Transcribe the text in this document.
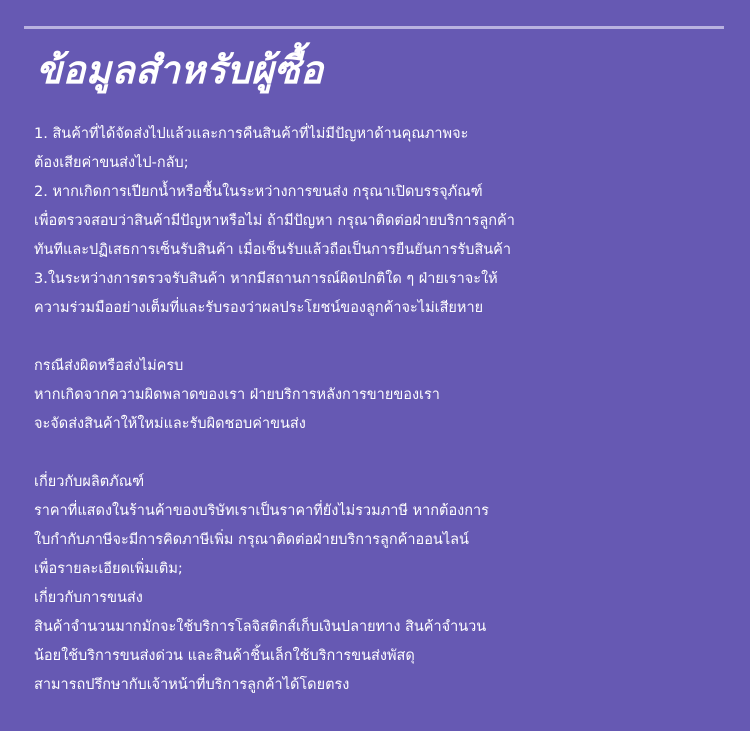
ข้อมูลสำหรับผู้ซื้อ
1. สินค้าที่ได้จัดส่งไปแล้วและการคืนสินค้าที่ไม่มีปัญหาด้านคุณภาพจะ
ต้องเสียค่าขนส่งไป-กลับ;
2. หากเกิดการเปียกน้ำหรือชื้นในระหว่างการขนส่ง กรุณาเปิดบรรจุภัณฑ์
เพื่อตรวจสอบว่าสินค้ามีปัญหาหรือไม่ ถ้ามีปัญหา กรุณาติดต่อฝ่ายบริการลูกค้า
ทันทีและปฏิเสธการเซ็นรับสินค้า เมื่อเซ็นรับแล้วถือเป็นการยืนยันการรับสินค้า
3.ในระหว่างการตรวจรับสินค้า หากมีสถานการณ์ผิดปกติใด ๆ ฝ่ายเราจะให้
ความร่วมมืออย่างเต็มที่และรับรองว่าผลประโยชน์ของลูกค้าจะไม่เสียหาย
กรณีส่งผิดหรือส่งไม่ครบ
หากเกิดจากความผิดพลาดของเรา ฝ่ายบริการหลังการขายของเรา
จะจัดส่งสินค้าให้ใหม่และรับผิดชอบค่าขนส่ง
เกี่ยวกับผลิตภัณฑ์
ราคาที่แสดงในร้านค้าของบริษัทเราเป็นราคาที่ยังไม่รวมภาษี หากต้องการ
ใบกำกับภาษีจะมีการคิดภาษีเพิ่ม กรุณาติดต่อฝ่ายบริการลูกค้าออนไลน์
เพื่อรายละเอียดเพิ่มเติม;
เกี่ยวกับการขนส่ง
สินค้าจำนวนมากมักจะใช้บริการโลจิสติกส์เก็บเงินปลายทาง สินค้าจำนวน
น้อยใช้บริการขนส่งด่วน และสินค้าชิ้นเล็กใช้บริการขนส่งพัสดุ
สามารถปรึกษากับเจ้าหน้าที่บริการลูกค้าได้โดยตรง
